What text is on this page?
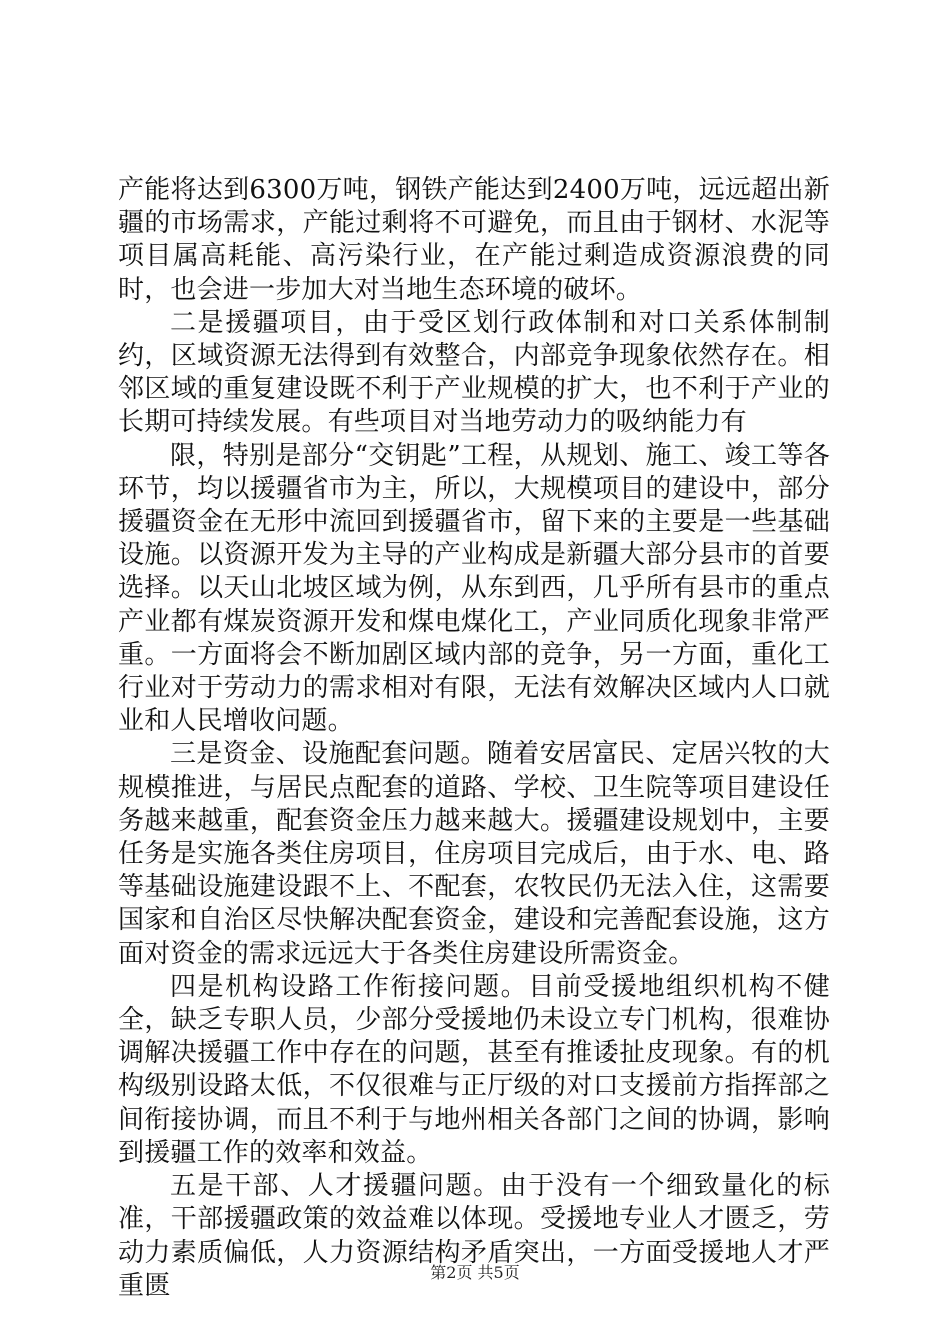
产能将达到6300万吨，钢铁产能达到2400万吨，远远超出新疆的市场需求，产能过剩将不可避免，而且由于钢材、水泥等项目属高耗能、高污染行业，在产能过剩造成资源浪费的同时，也会进一步加大对当地生态环境的破坏。

二是援疆项目，由于受区划行政体制和对口关系体制制约，区域资源无法得到有效整合，内部竞争现象依然存在。相邻区域的重复建设既不利于产业规模的扩大，也不利于产业的长期可持续发展。有些项目对当地劳动力的吸纳能力有

限，特别是部分“交钥匙”工程，从规划、施工、竣工等各环节，均以援疆省市为主，所以，大规模项目的建设中，部分援疆资金在无形中流回到援疆省市，留下来的主要是一些基础设施。以资源开发为主导的产业构成是新疆大部分县市的首要选择。以天山北坡区域为例，从东到西，几乎所有县市的重点产业都有煤炭资源开发和煤电煤化工，产业同质化现象非常严重。一方面将会不断加剧区域内部的竞争，另一方面，重化工行业对于劳动力的需求相对有限，无法有效解决区域内人口就业和人民增收问题。

三是资金、设施配套问题。随着安居富民、定居兴牧的大规模推进，与居民点配套的道路、学校、卫生院等项目建设任务越来越重，配套资金压力越来越大。援疆建设规划中，主要任务是实施各类住房项目，住房项目完成后，由于水、电、路等基础设施建设跟不上、不配套，农牧民仍无法入住，这需要国家和自治区尽快解决配套资金，建设和完善配套设施，这方面对资金的需求远远大于各类住房建设所需资金。

四是机构设路工作衔接问题。目前受援地组织机构不健全，缺乏专职人员，少部分受援地仍未设立专门机构，很难协调解决援疆工作中存在的问题，甚至有推诿扯皮现象。有的机构级别设路太低，不仅很难与正厅级的对口支援前方指挥部之间衔接协调，而且不利于与地州相关各部门之间的协调，影响到援疆工作的效率和效益。

五是干部、人才援疆问题。由于没有一个细致量化的标准，干部援疆政策的效益难以体现。受援地专业人才匮乏，劳动力素质偏低，人力资源结构矛盾突出，一方面受援地人才严重匮	第2页 共5页
